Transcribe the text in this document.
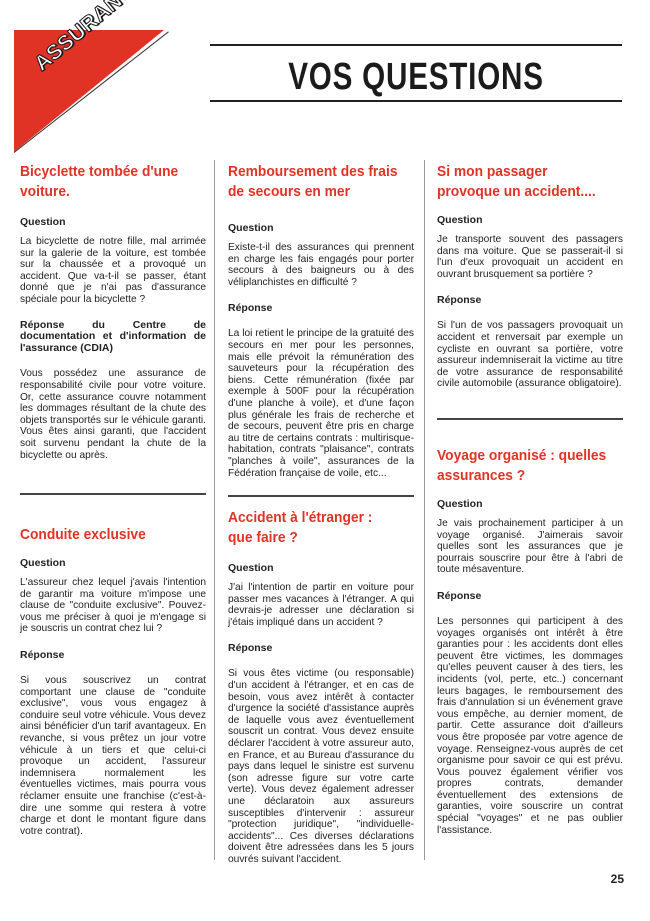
VOS QUESTIONS
Bicyclette tombée d'une voiture.

Question

La bicyclette de notre fille, mal arrimée sur la galerie de la voiture, est tombée sur la chaussée et a provoqué un accident. Que va-t-il se passer, étant donné que je n'ai pas d'assurance spéciale pour la bicyclette ?

Réponse du Centre de documentation et d'information de l'assurance (CDIA)

Vous possédez une assurance de responsabilité civile pour votre voiture. Or, cette assurance couvre notamment les dommages résultant de la chute des objets transportés sur le véhicule garanti. Vous êtes ainsi garanti, que l'accident soit survenu pendant la chute de la bicyclette ou après.

Conduite exclusive

Question

L'assureur chez lequel j'avais l'intention de garantir ma voiture m'impose une clause de "conduite exclusive". Pouvez-vous me préciser à quoi je m'engage si je souscris un contrat chez lui ?

Réponse

Si vous souscrivez un contrat comportant une clause de "conduite exclusive", vous vous engagez à conduire seul votre véhicule. Vous devez ainsi bénéficier d'un tarif avantageux. En revanche, si vous prêtez un jour votre véhicule à un tiers et que celui-ci provoque un accident, l'assureur indemnisera normalement les éventuelles victimes, mais pourra vous réclamer ensuite une franchise (c'est-à-dire une somme qui restera à votre charge et dont le montant figure dans votre contrat).

Remboursement des frais de secours en mer

Question

Existe-t-il des assurances qui prennent en charge les fais engagés pour porter secours à des baigneurs ou à des véliplanchistes en difficulté ?

Réponse

La loi retient le principe de la gratuité des secours en mer pour les personnes, mais elle prévoit la rémunération des sauveteurs pour la récupération des biens. Cette rémunération (fixée par exemple à 500F pour la récupération d'une planche à voile), et d'une façon plus générale les frais de recherche et de secours, peuvent être pris en charge au titre de certains contrats : multirisque-habitation, contrats "plaisance", contrats "planches à voile", assurances de la Fédération française de voile, etc...

Accident à l'étranger : que faire ?

Question

J'ai l'intention de partir en voiture pour passer mes vacances à l'étranger. A qui devrais-je adresser une déclaration si j'étais impliqué dans un accident ?

Réponse

Si vous êtes victime (ou responsable) d'un accident à l'étranger, et en cas de besoin, vous avez intérêt à contacter d'urgence la société d'assistance auprès de laquelle vous avez éventuellement souscrit un contrat. Vous devez ensuite déclarer l'accident à votre assureur auto, en France, et au Bureau d'assurance du pays dans lequel le sinistre est survenu (son adresse figure sur votre carte verte). Vous devez également adresser une déclaratoin aux assureurs susceptibles d'intervenir : assureur "protection juridique", "individuelle-accidents"... Ces diverses déclarations doivent être adressées dans les 5 jours ouvrés suivant l'accident.

Si mon passager provoque un accident....

Question

Je transporte souvent des passagers dans ma voiture. Que se passerait-il si l'un d'eux provoquait un accident en ouvrant brusquement sa portière ?

Réponse

Si l'un de vos passagers provoquait un accident et renversait par exemple un cycliste en ouvrant sa portière, votre assureur indemniserait la victime au titre de votre assurance de responsabilité civile automobile (assurance obligatoire).

Voyage organisé : quelles assurances ?

Question

Je vais prochainement participer à un voyage organisé. J'aimerais savoir quelles sont les assurances que je pourrais souscrire pour être à l'abri de toute mésaventure.

Réponse

Les personnes qui participent à des voyages organisés ont intérêt à être garanties pour : les accidents dont elles peuvent être victimes, les dommages qu'elles peuvent causer à des tiers, les incidents (vol, perte, etc..) concernant leurs bagages, le remboursement des frais d'annulation si un événement grave vous empêche, au dernier moment, de partir. Cette assurance doit d'ailleurs vous être proposée par votre agence de voyage. Renseignez-vous auprès de cet organisme pour savoir ce qui est prévu. Vous pouvez également vérifier vos propres contrats, demander éventuellement des extensions de garanties, voire souscrire un contrat spécial "voyages" et ne pas oublier l'assistance.

25
